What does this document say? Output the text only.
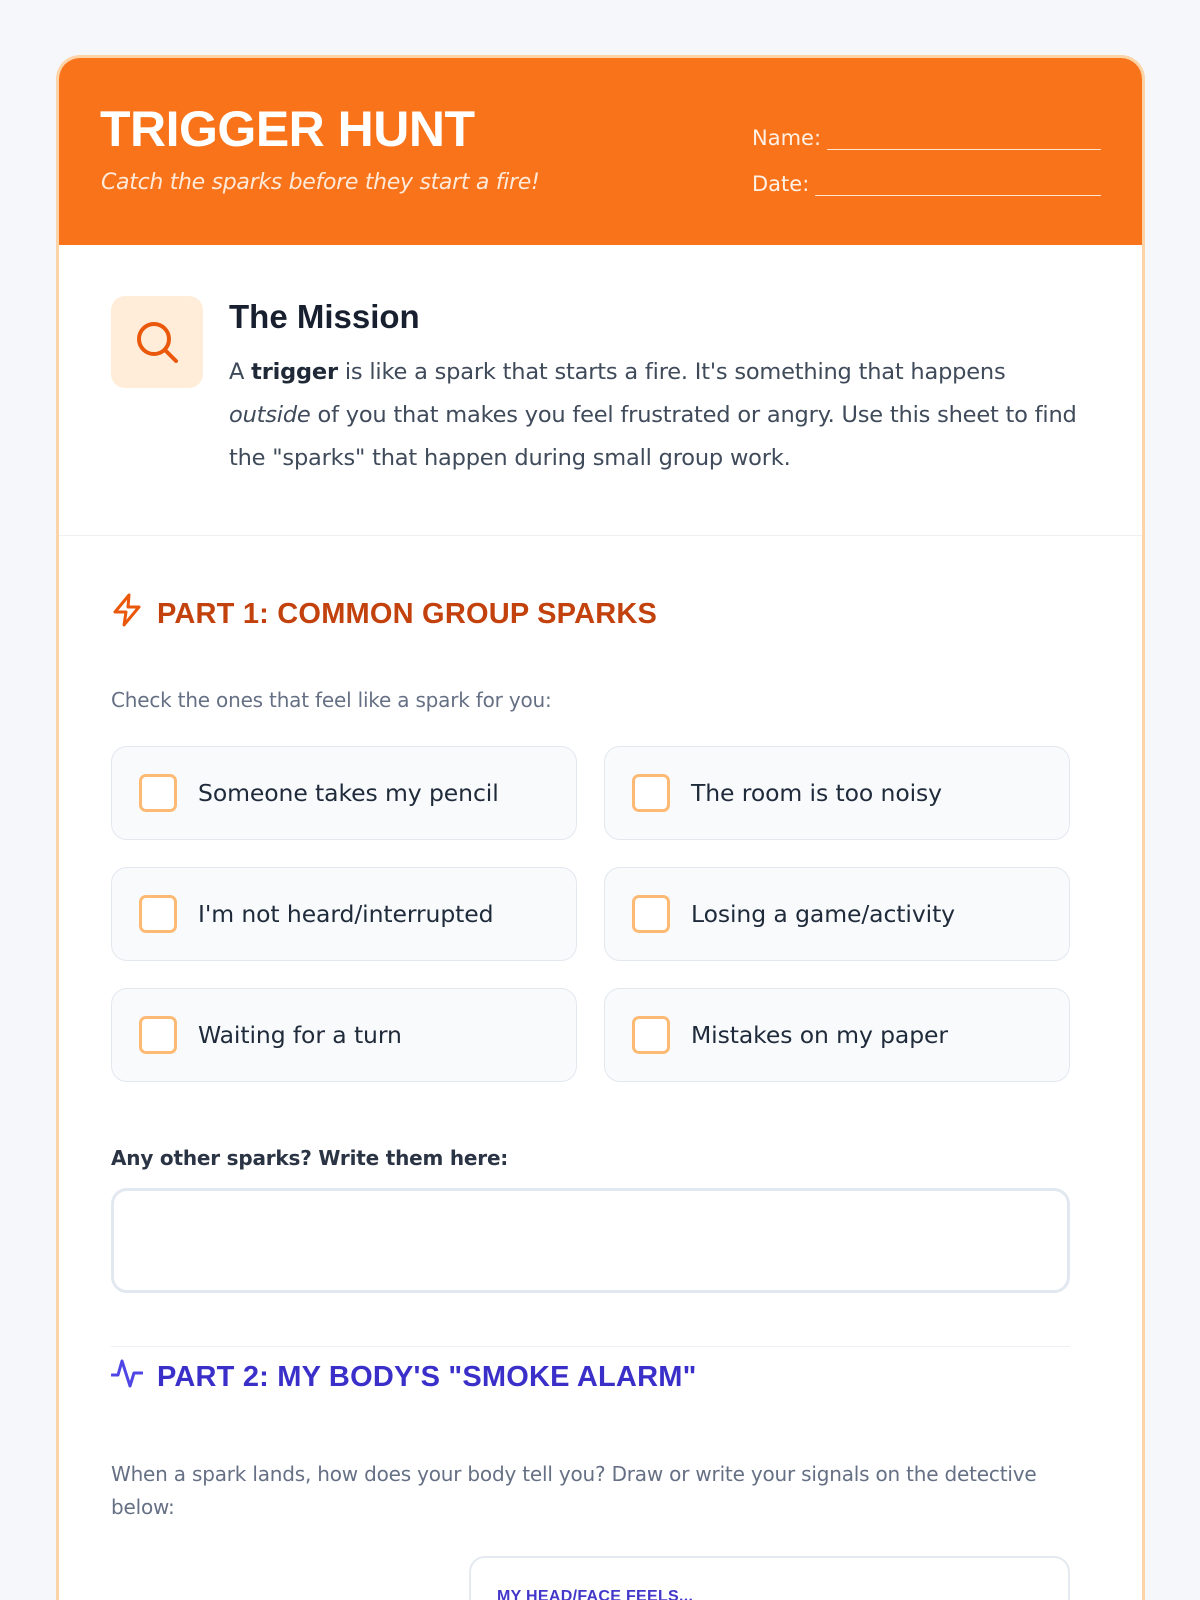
TRIGGER HUNT
Catch the sparks before they start a fire!
Name:
Date:
The Mission
A trigger is like a spark that starts a fire. It's something that happens outside of you that makes you feel frustrated or angry. Use this sheet to find the "sparks" that happen during small group work.
PART 1: COMMON GROUP SPARKS
Check the ones that feel like a spark for you:
Someone takes my pencil	The room is too noisy
I'm not heard/interrupted	Losing a game/activity
Waiting for a turn	Mistakes on my paper
Any other sparks? Write them here:
PART 2: MY BODY'S "SMOKE ALARM"
When a spark lands, how does your body tell you? Draw or write your signals on the detective below:
MY HEAD/FACE FEELS...
